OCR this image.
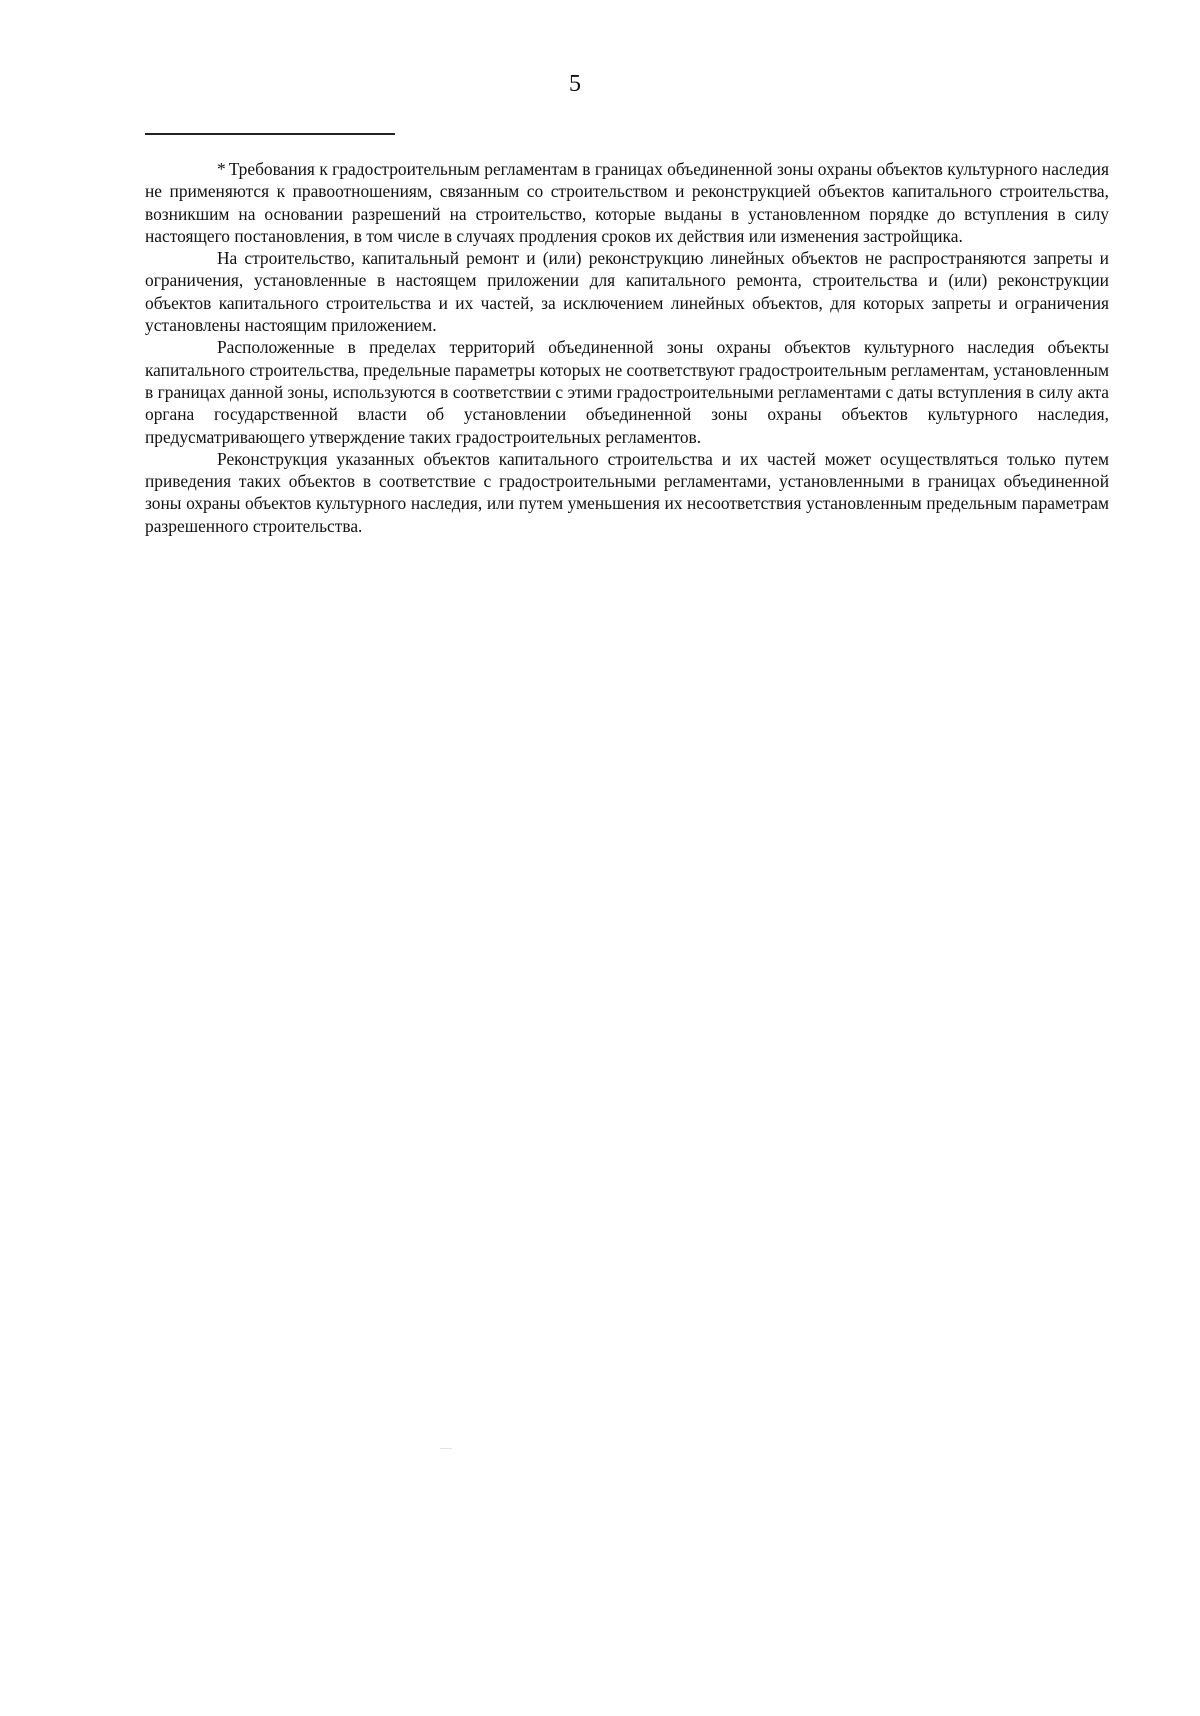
5

* Требования к градостроительным регламентам в границах объединенной зоны охраны объектов культурного наследия не применяются к правоотношениям, связанным со строительством и реконструкцией объектов капитального строительства, возникшим на основании разрешений на строительство, которые выданы в установленном порядке до вступления в силу настоящего постановления, в том числе в случаях продления сроков их действия или изменения застройщика.

На строительство, капитальный ремонт и (или) реконструкцию линейных объектов не распространяются запреты и ограничения, установленные в настоящем приложении для капитального ремонта, строительства и (или) реконструкции объектов капитального строительства и их частей, за исключением линейных объектов, для которых запреты и ограничения установлены настоящим приложением.

Расположенные в пределах территорий объединенной зоны охраны объектов культурного наследия объекты капитального строительства, предельные параметры которых не соответствуют градостроительным регламентам, установленным в границах данной зоны, используются в соответствии с этими градостроительными регламентами с даты вступления в силу акта органа государственной власти об установлении объединенной зоны охраны объектов культурного наследия, предусматривающего утверждение таких градостроительных регламентов.

Реконструкция указанных объектов капитального строительства и их частей может осуществляться только путем приведения таких объектов в соответствие с градостроительными регламентами, установленными в границах объединенной зоны охраны объектов культурного наследия, или путем уменьшения их несоответствия установленным предельным параметрам разрешенного строительства.
